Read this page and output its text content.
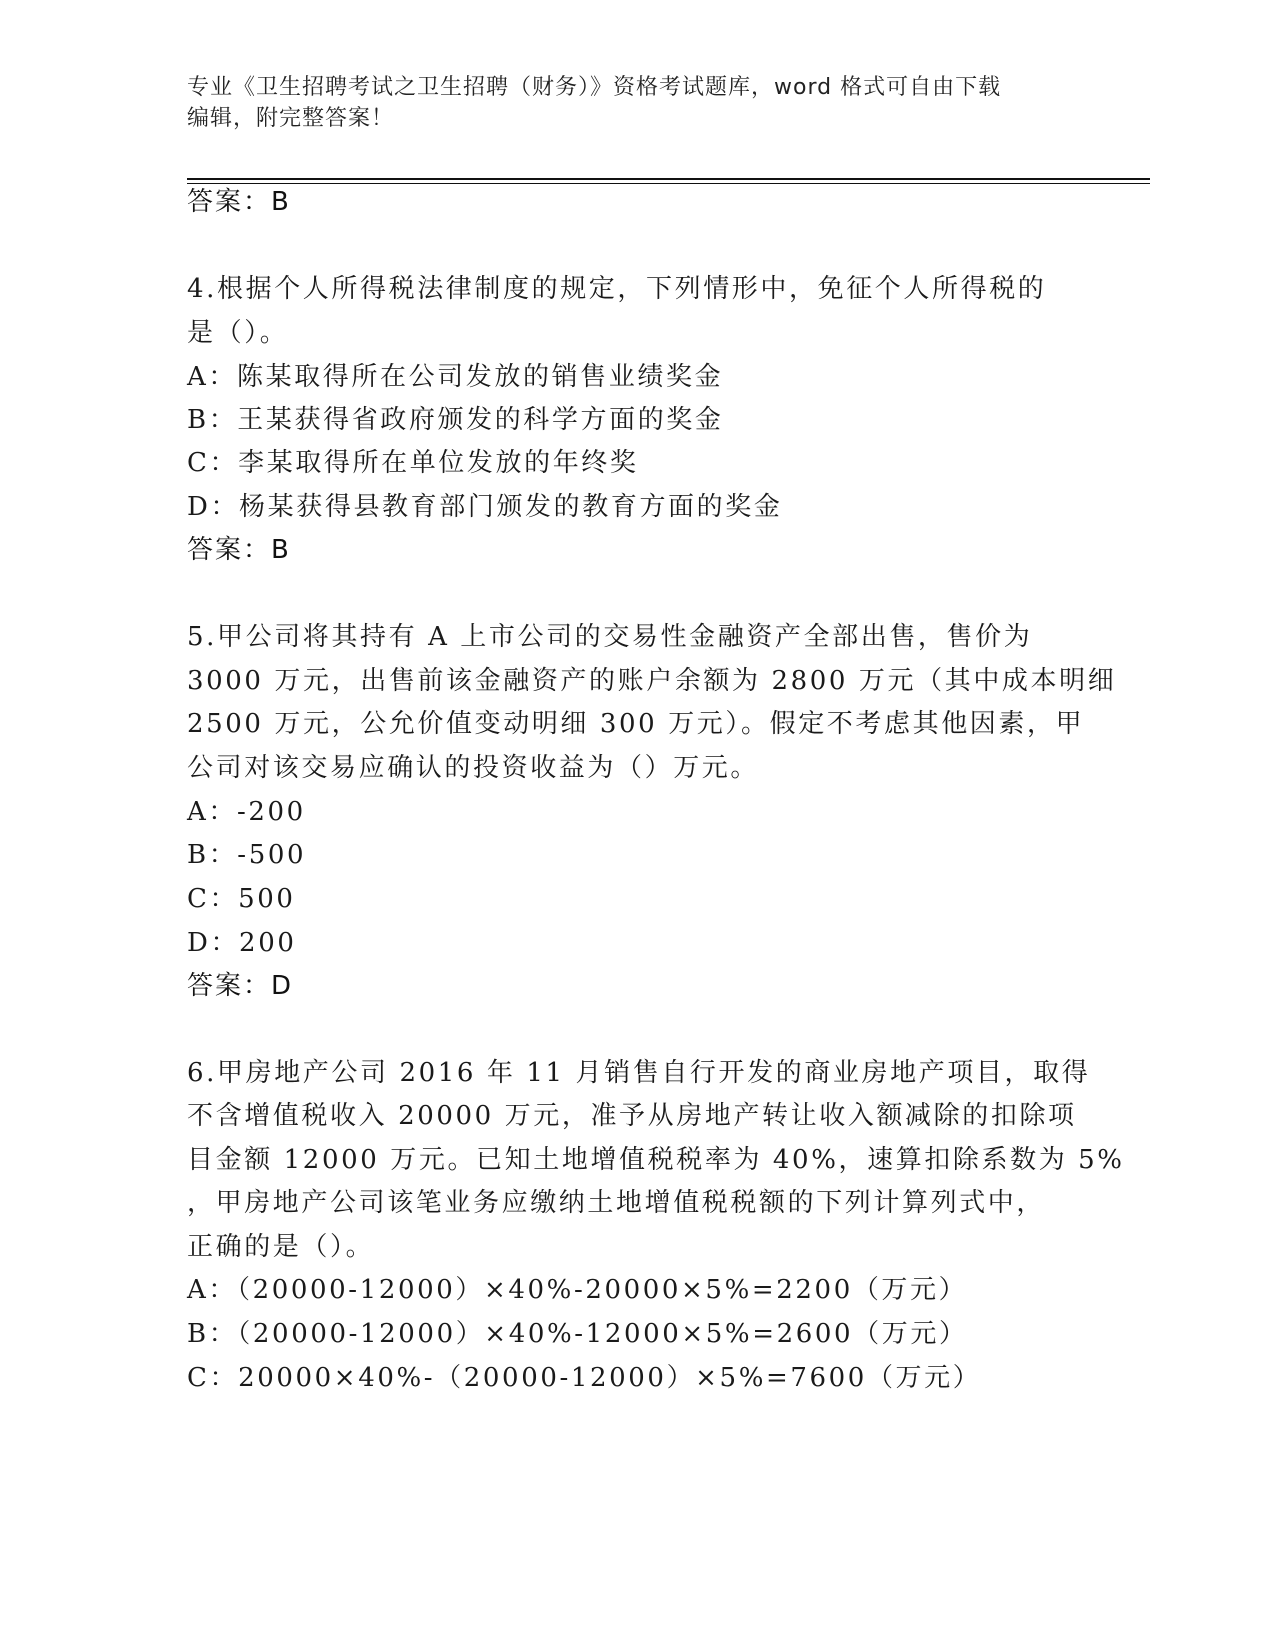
专业《卫生招聘考试之卫生招聘（财务）》资格考试题库，word 格式可自由下载
编辑，附完整答案！
答案：B
4.根据个人所得税法律制度的规定，下列情形中，免征个人所得税的
是（）。
A：陈某取得所在公司发放的销售业绩奖金
B：王某获得省政府颁发的科学方面的奖金
C：李某取得所在单位发放的年终奖
D：杨某获得县教育部门颁发的教育方面的奖金
答案：B
5.甲公司将其持有 A 上市公司的交易性金融资产全部出售，售价为
3000 万元，出售前该金融资产的账户余额为 2800 万元（其中成本明细
2500 万元，公允价值变动明细 300 万元）。假定不考虑其他因素，甲
公司对该交易应确认的投资收益为（）万元。
A：-200
B：-500
C：500
D：200
答案：D
6.甲房地产公司 2016 年 11 月销售自行开发的商业房地产项目，取得
不含增值税收入 20000 万元，准予从房地产转让收入额减除的扣除项
目金额 12000 万元。已知土地增值税税率为 40%，速算扣除系数为 5%
，甲房地产公司该笔业务应缴纳土地增值税税额的下列计算列式中，
正确的是（）。
A：（20000-12000）×40%-20000×5%=2200（万元）
B：（20000-12000）×40%-12000×5%=2600（万元）
C：20000×40%-（20000-12000）×5%=7600（万元）
